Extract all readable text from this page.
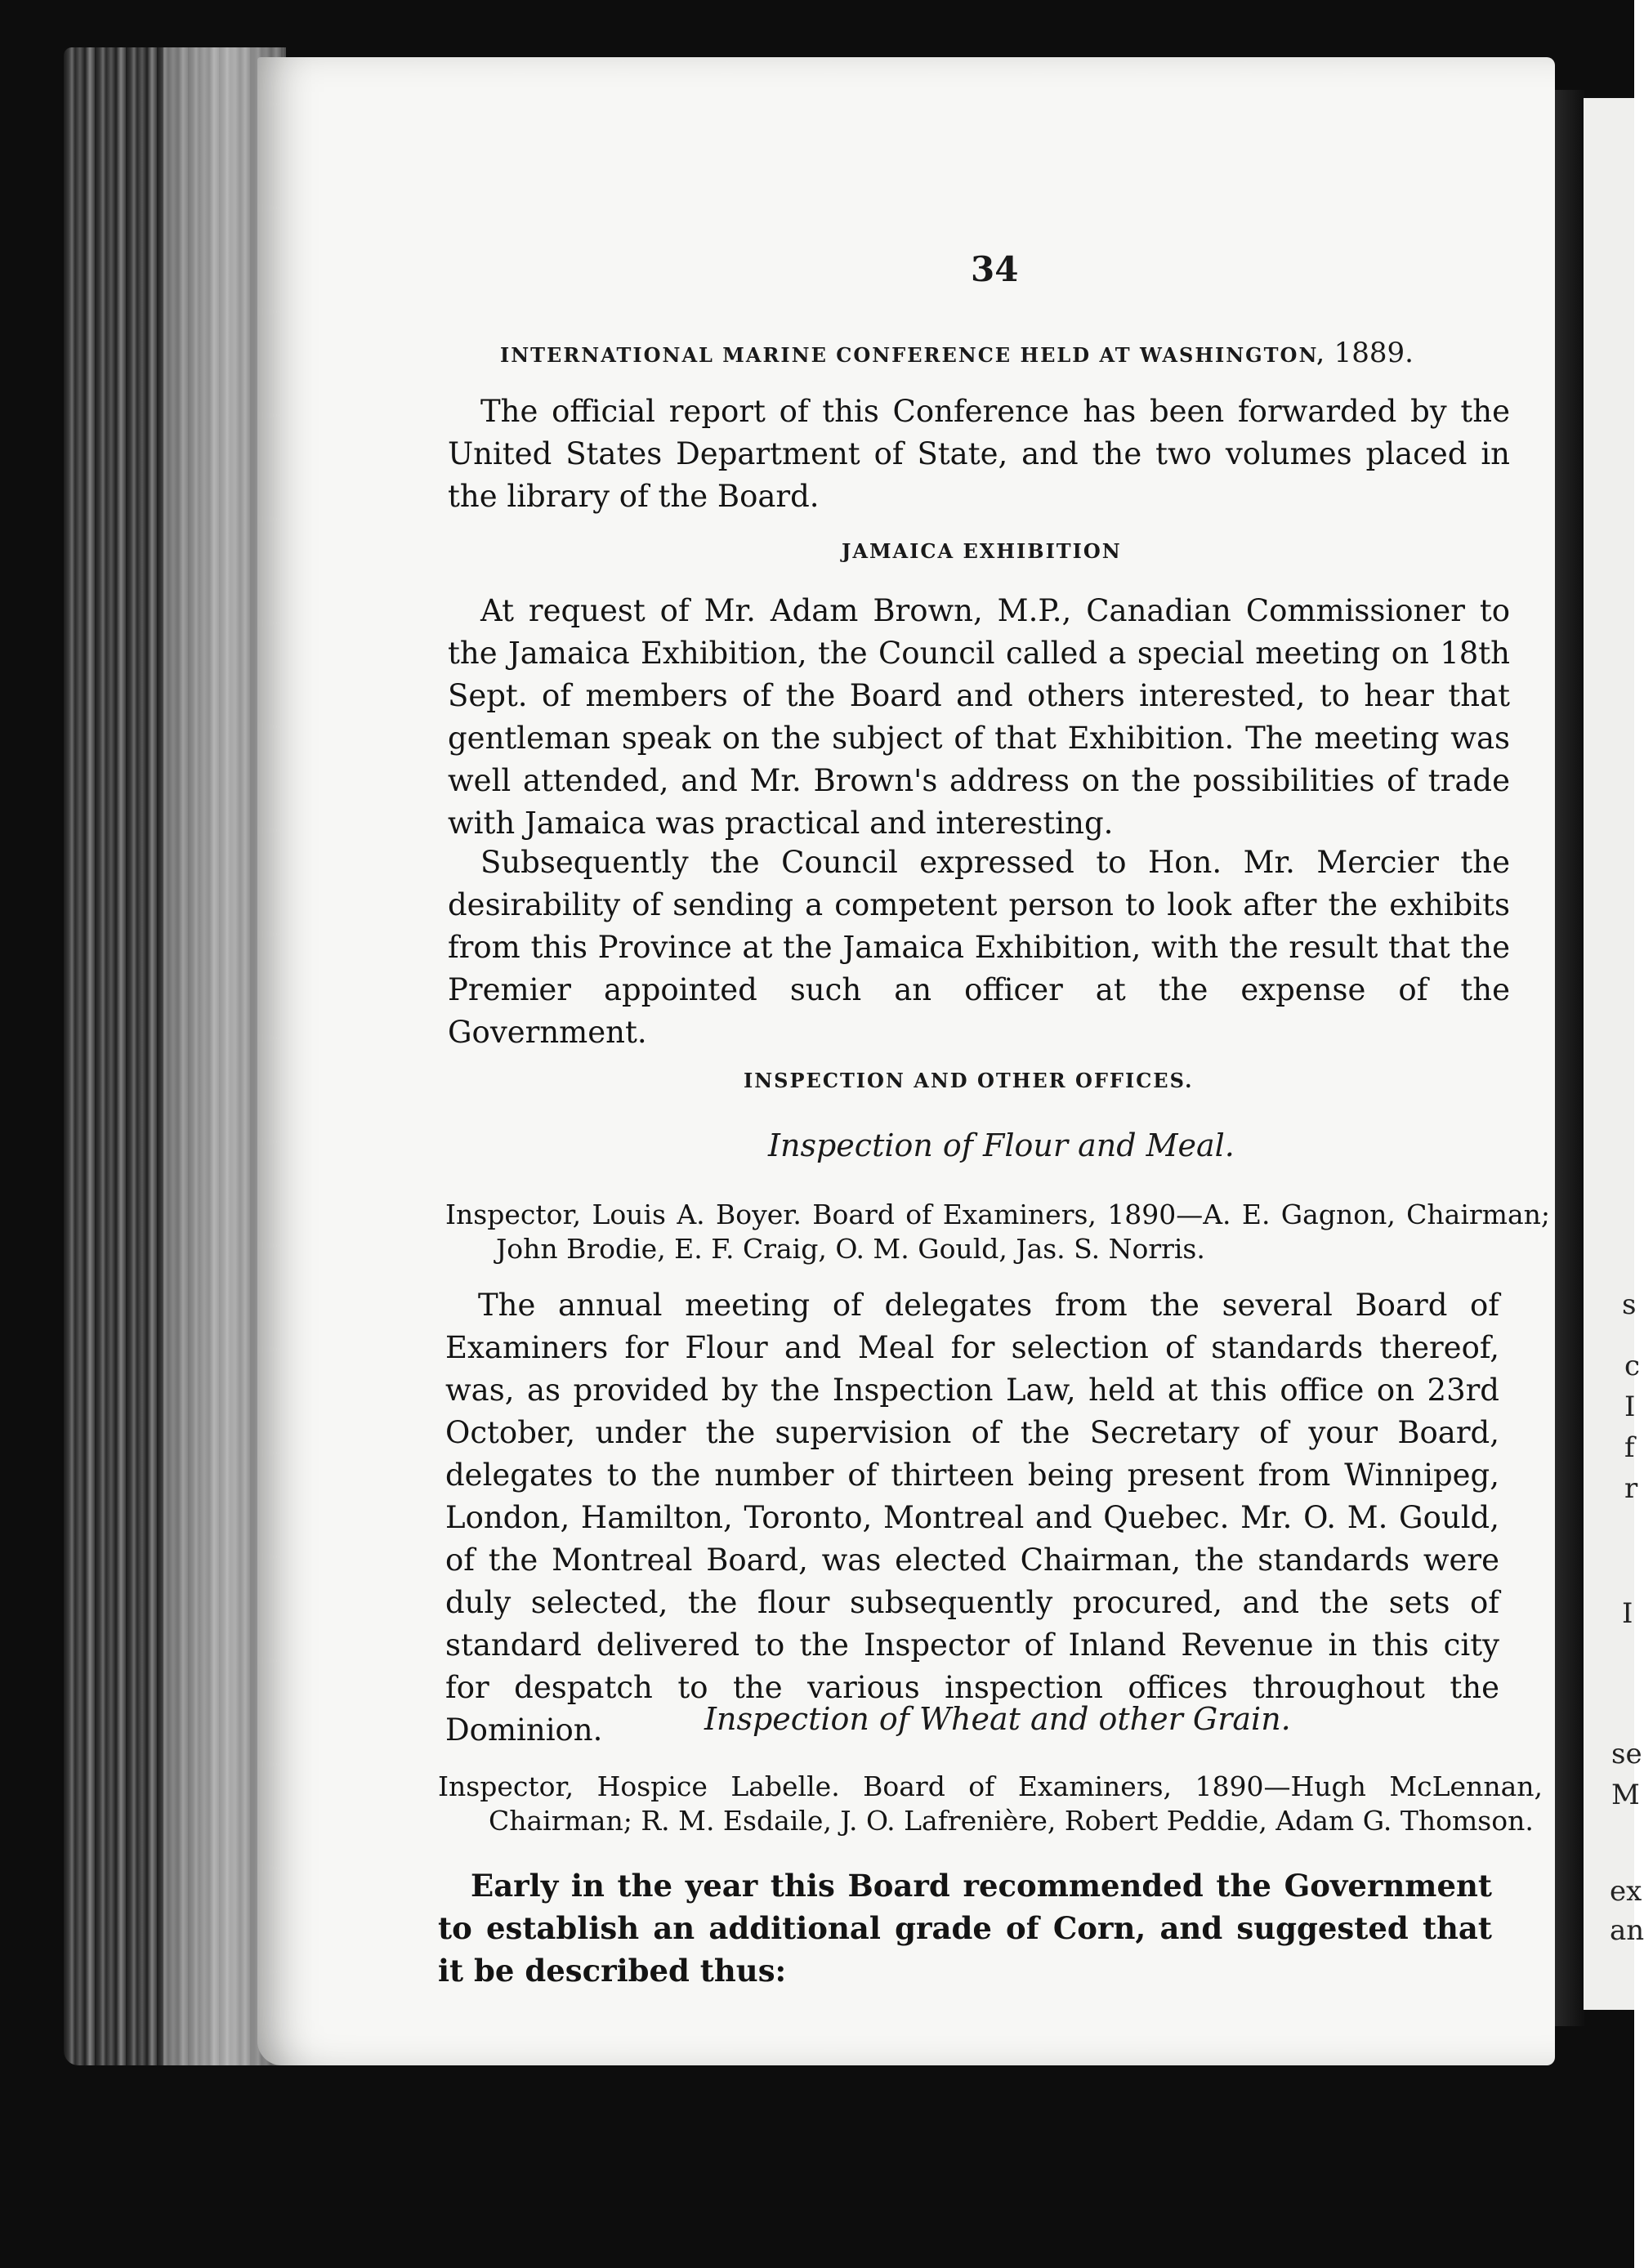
s
c
I
f
r
I
se
M
ex
an
34
INTERNATIONAL MARINE CONFERENCE HELD AT WASHINGTON, 1889.
The official report of this Conference has been forwarded by the United States Department of State, and the two volumes placed in the library of the Board.
JAMAICA EXHIBITION
At request of Mr. Adam Brown, M.P., Canadian Commissioner to the Jamaica Exhibition, the Council called a special meeting on 18th Sept. of members of the Board and others interested, to hear that gentleman speak on the subject of that Exhibition. The meeting was well attended, and Mr. Brown's address on the possibilities of trade with Jamaica was practical and interesting.
Subsequently the Council expressed to Hon. Mr. Mercier the desirability of sending a competent person to look after the exhibits from this Province at the Jamaica Exhibition, with the result that the Premier appointed such an officer at the expense of the Government.
INSPECTION AND OTHER OFFICES.
Inspection of Flour and Meal.
Inspector, Louis A. Boyer. Board of Examiners, 1890—A. E. Gagnon, Chairman; John Brodie, E. F. Craig, O. M. Gould, Jas. S. Norris.
The annual meeting of delegates from the several Board of Examiners for Flour and Meal for selection of standards thereof, was, as provided by the Inspection Law, held at this office on 23rd October, under the supervision of the Secretary of your Board, delegates to the number of thirteen being present from Winnipeg, London, Hamilton, Toronto, Montreal and Quebec. Mr. O. M. Gould, of the Montreal Board, was elected Chairman, the standards were duly selected, the flour subsequently procured, and the sets of standard delivered to the Inspector of Inland Revenue in this city for despatch to the various inspection offices throughout the Dominion.	Inspection of Wheat and other Grain.
Inspector, Hospice Labelle. Board of Examiners, 1890—Hugh McLennan, Chairman; R. M. Esdaile, J. O. Lafrenière, Robert Peddie, Adam G. Thomson.
Early in the year this Board recommended the Government to establish an additional grade of Corn, and suggested that it be described thus:
